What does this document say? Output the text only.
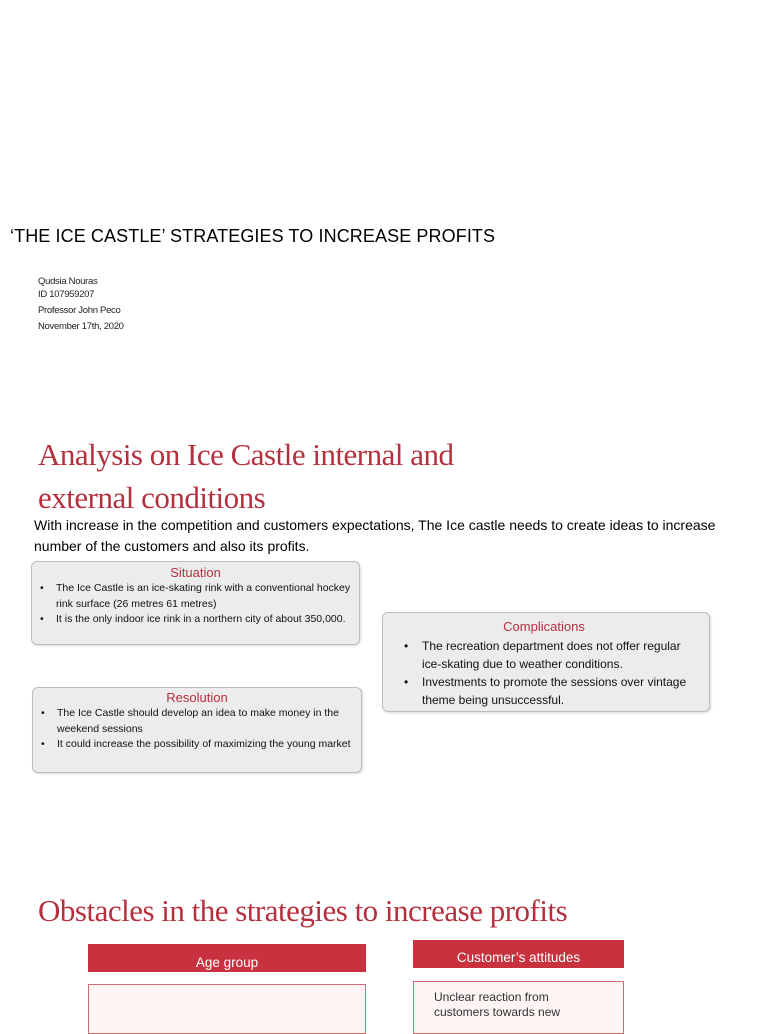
‘THE ICE CASTLE’ STRATEGIES TO INCREASE PROFITS
Qudsia Nouras
ID 107959207
Professor John Peco
November 17th, 2020
Analysis on Ice Castle internal and
external conditions
With increase in the competition and customers expectations, The Ice castle needs to create ideas to increase number of the customers and also its profits.
Situation
• The Ice Castle is an ice-skating rink with a conventional hockey rink surface (26 metres 61 metres)
• It is the only indoor ice rink in a northern city of about 350,000.	Complications
• The recreation department does not offer regular ice-skating due to weather conditions.
• Investments to promote the sessions over vintage theme being unsuccessful.
Resolution
• The Ice Castle should develop an idea to make money in the weekend sessions
• It could increase the possibility of maximizing the young market
Obstacles in the strategies to increase profits
Age group	Customer’s attitudes
Unclear reaction from
customers towards new
